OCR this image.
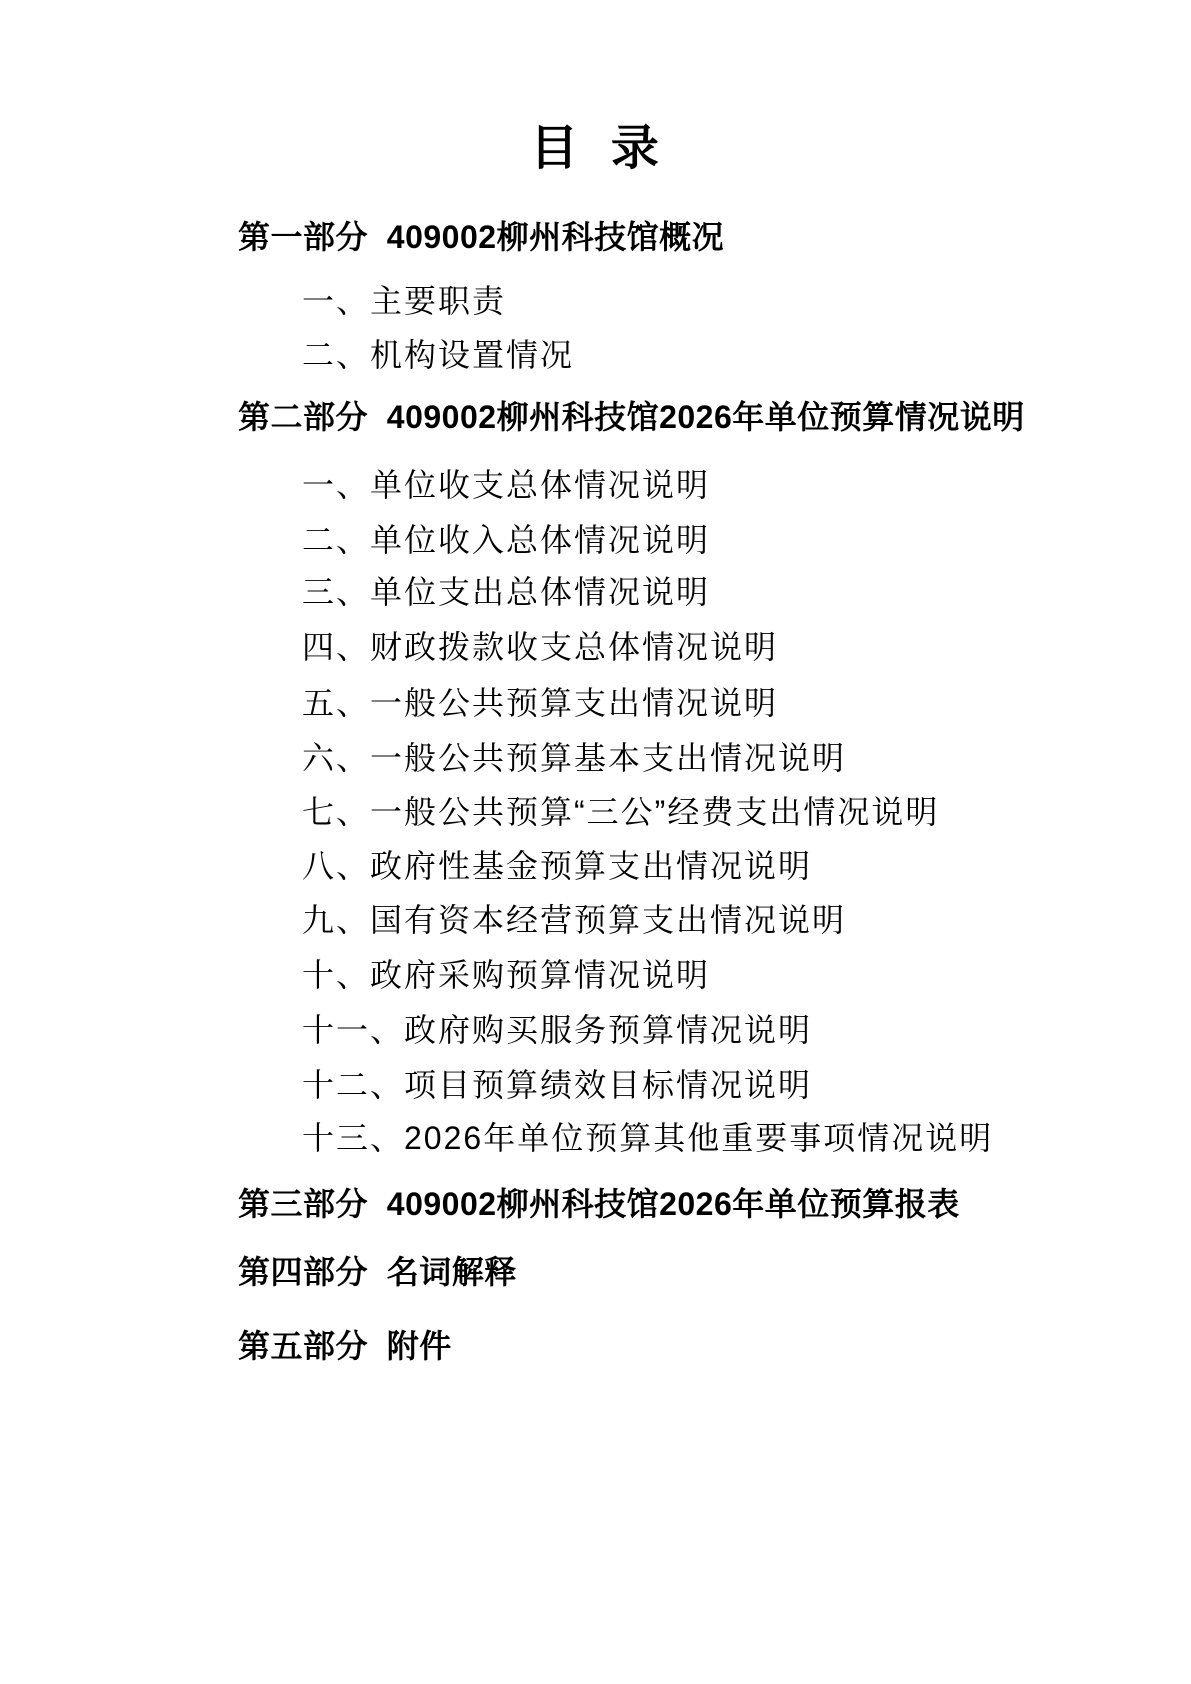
目  录
第一部分  409002柳州科技馆概况
一、主要职责
二、机构设置情况
第二部分  409002柳州科技馆2026年单位预算情况说明
一、单位收支总体情况说明
二、单位收入总体情况说明
三、单位支出总体情况说明
四、财政拨款收支总体情况说明
五、一般公共预算支出情况说明
六、一般公共预算基本支出情况说明
七、一般公共预算“三公”经费支出情况说明
八、政府性基金预算支出情况说明
九、国有资本经营预算支出情况说明
十、政府采购预算情况说明
十一、政府购买服务预算情况说明
十二、项目预算绩效目标情况说明
十三、2026年单位预算其他重要事项情况说明
第三部分  409002柳州科技馆2026年单位预算报表
第四部分  名词解释
第五部分  附件
